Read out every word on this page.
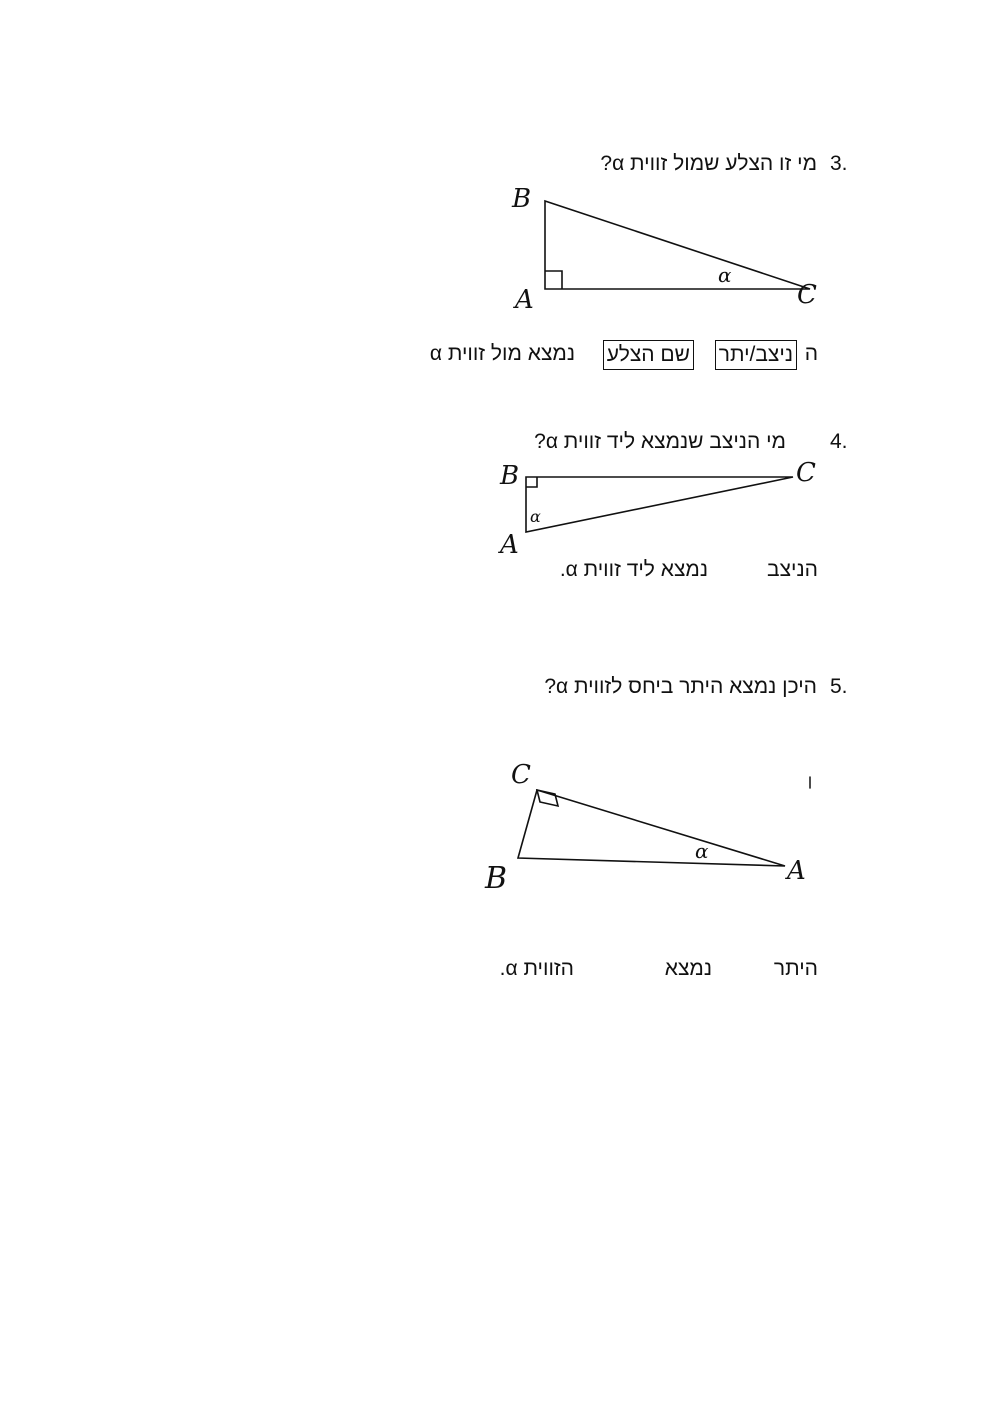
3.
מי זו הצלע שמול זווית α?
B
A	C
α
ה
ניצב/יתר
שם הצלע
נמצא מול זווית α
4.
מי הניצב שנמצא ליד זווית α?
B
A
C
α
הניצב
נמצא ליד זווית α.
5.
היכן נמצא היתר ביחס לזווית α?
C
B	A
α
היתר
נמצא
הזווית α.
